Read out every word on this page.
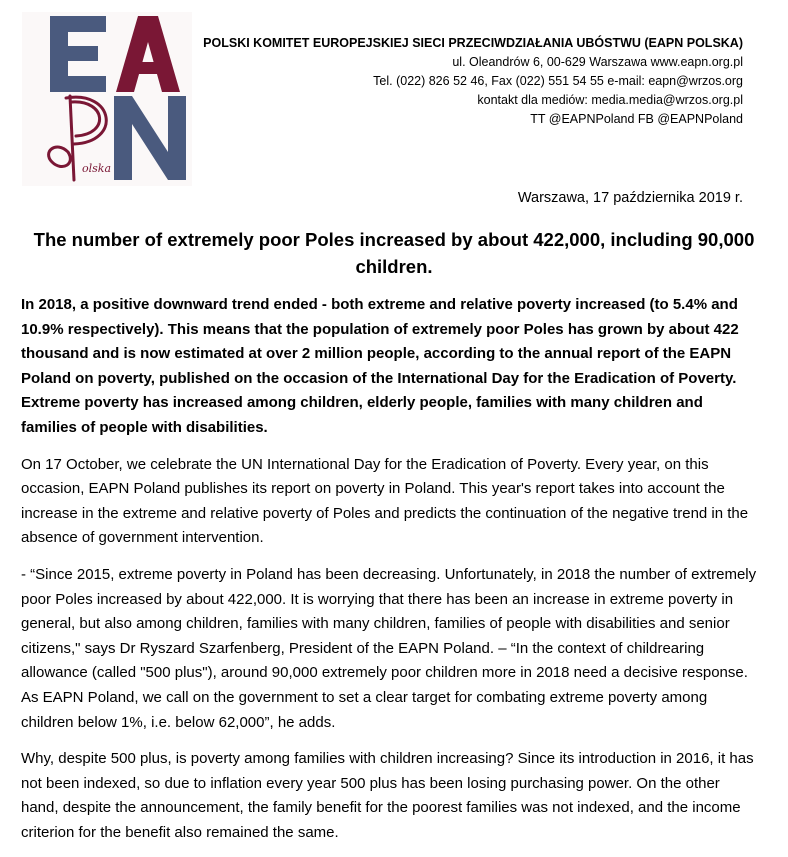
olska
POLSKI KOMITET EUROPEJSKIEJ SIECI PRZECIWDZIAŁANIA UBÓSTWU (EAPN POLSKA)
ul. Oleandrów 6, 00-629 Warszawa www.eapn.org.pl
Tel. (022) 826 52 46, Fax (022) 551 54 55 e-mail: eapn@wrzos.org
kontakt dla mediów: media.media@wrzos.org.pl
TT @EAPNPoland FB @EAPNPoland
Warszawa, 17 października 2019 r.
The number of extremely poor Poles increased by about 422,000, including 90,000 children.

In 2018, a positive downward trend ended - both extreme and relative poverty increased (to 5.4% and 10.9% respectively). This means that the population of extremely poor Poles has grown by about 422 thousand and is now estimated at over 2 million people, according to the annual report of the EAPN Poland on poverty, published on the occasion of the International Day for the Eradication of Poverty. Extreme poverty has increased among children, elderly people, families with many children and families of people with disabilities.

On 17 October, we celebrate the UN International Day for the Eradication of Poverty. Every year, on this occasion, EAPN Poland publishes its report on poverty in Poland. This year's report takes into account the increase in the extreme and relative poverty of Poles and predicts the continuation of the negative trend in the absence of government intervention.

- “Since 2015, extreme poverty in Poland has been decreasing. Unfortunately, in 2018 the number of extremely poor Poles increased by about 422,000. It is worrying that there has been an increase in extreme poverty in general, but also among children, families with many children, families of people with disabilities and senior citizens," says Dr Ryszard Szarfenberg, President of the EAPN Poland. – “In the context of childrearing allowance (called "500 plus"), around 90,000 extremely poor children more in 2018 need a decisive response. As EAPN Poland, we call on the government to set a clear target for combating extreme poverty among children below 1%, i.e. below 62,000”, he adds.

Why, despite 500 plus, is poverty among families with children increasing? Since its introduction in 2016, it has not been indexed, so due to inflation every year 500 plus has been losing purchasing power. On the other hand, despite the announcement, the family benefit for the poorest families was not indexed, and the income criterion for the benefit also remained the same.
